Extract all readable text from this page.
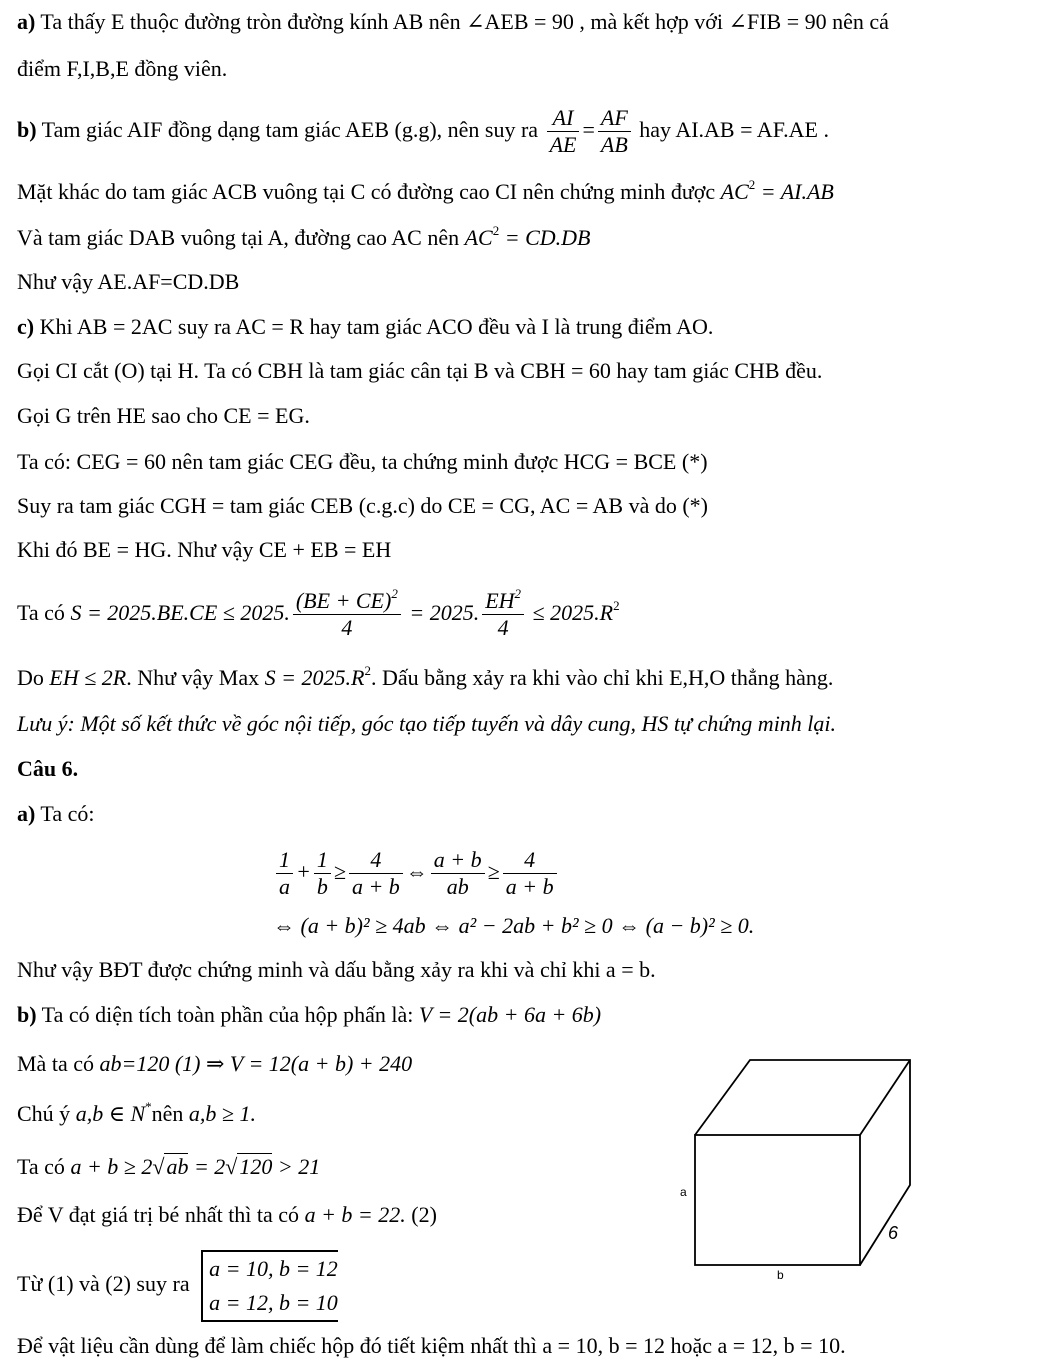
a) Ta thấy E thuộc đường tròn đường kính AB nên ∠AEB = 90 , mà kết hợp với ∠FIB = 90 nên cá
điểm F,I,B,E đồng viên.
b) Tam giác AIF đồng dạng tam giác AEB (g.g), nên suy ra $\frac{AI}{AE} = \frac{AF}{AB}$ hay AI.AB = AF.AE .
Mặt khác do tam giác ACB vuông tại C có đường cao CI nên chứng minh được $AC^2 = AI.AB$
Và tam giác DAB vuông tại A, đường cao AC nên $AC^2 = CD.DB$
Như vậy AE.AF=CD.DB
c) Khi AB = 2AC suy ra AC = R hay tam giác ACO đều và I là trung điểm AO.
Gọi CI cắt (O) tại H. Ta có CBH là tam giác cân tại B và CBH = 60 hay tam giác CHB đều.
Gọi G trên HE sao cho CE = EG.
Ta có: CEG = 60 nên tam giác CEG đều, ta chứng minh được HCG = BCE (*)
Suy ra tam giác CGH = tam giác CEB (c.g.c) do CE = CG, AC = AB và do (*)
Khi đó BE = HG. Như vậy CE + EB = EH
Ta có S = 2025.BE.CE ≤ 2025. $\frac{(BE + CE)^2}{4} = 2025$. $\frac{EH^2}{4} \le 2025.R^2$
Do EH ≤ 2R. Như vậy Max $S = 2025.R^2$. Dấu bằng xảy ra khi vào chỉ khi E,H,O thẳng hàng.
Lưu ý: Một số kết thức về góc nội tiếp, góc tạo tiếp tuyến và dây cung, HS tự chứng minh lại.
Câu 6.
a) Ta có:
$\frac{1}{a} + \frac{1}{b} \ge \frac{4}{a + b}$ ⇔ $\frac{a + b}{ab} \ge \frac{4}{a + b}$
⇔ (a + b)² ≥ 4ab ⇔ a² − 2ab + b² ≥ 0 ⇔ (a − b)² ≥ 0.
Như vậy BĐT được chứng minh và dấu bằng xảy ra khi và chỉ khi a = b.
b) Ta có diện tích toàn phần của hộp phấn là: V = 2(ab + 6a + 6b)
Mà ta có ab=120 (1) ⇒ V = 12(a + b) + 240
Chú ý a,b ∈ N*nên a,b ≥ 1.
Ta có a + b ≥ 2√ab = 2√120 > 21
Để V đạt giá trị bé nhất thì ta có a + b = 22. (2)
Từ (1) và (2) suy ra
a = 10, b = 12
a = 12, b = 10
Để vật liệu cần dùng để làm chiếc hộp đó tiết kiệm nhất thì a = 10, b = 12 hoặc a = 12, b = 10.
a
b
6
